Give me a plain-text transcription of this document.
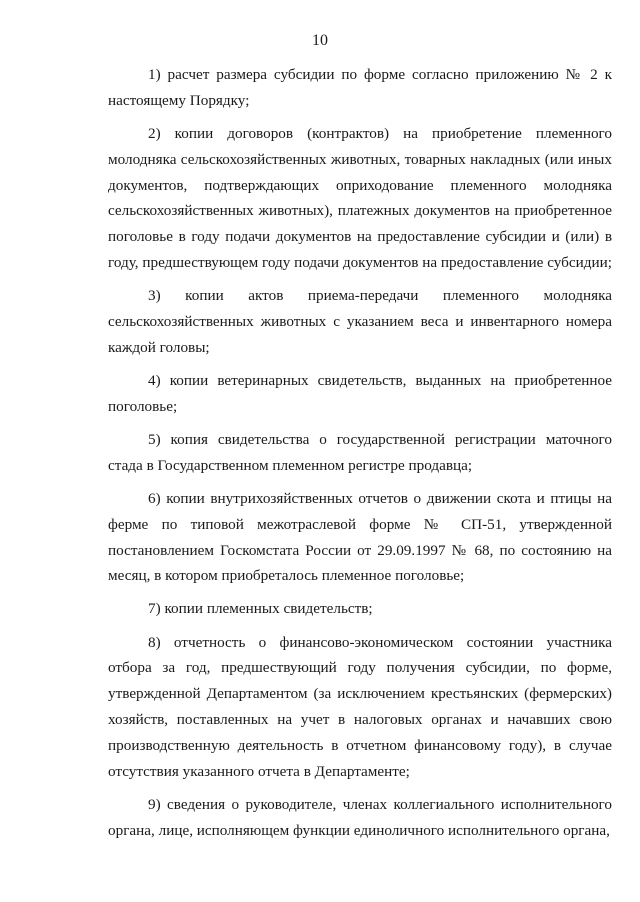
10

1) расчет размера субсидии по форме согласно приложению № 2 к настоящему Порядку;

2) копии договоров (контрактов) на приобретение племенного молодняка сельскохозяйственных животных, товарных накладных (или иных документов, подтверждающих оприходование племенного молодняка сельскохозяйственных животных), платежных документов на приобретенное поголовье в году подачи документов на предоставление субсидии и (или) в году, предшествующем году подачи документов на предоставление субсидии;

3) копии актов приема-передачи племенного молодняка сельскохозяйственных животных с указанием веса и инвентарного номера каждой головы;

4) копии ветеринарных свидетельств, выданных на приобретенное поголовье;

5) копия свидетельства о государственной регистрации маточного стада в Государственном племенном регистре продавца;

6) копии внутрихозяйственных отчетов о движении скота и птицы на ферме по типовой межотраслевой форме № СП-51, утвержденной постановлением Госкомстата России от 29.09.1997 № 68, по состоянию на месяц, в котором приобреталось племенное поголовье;

7) копии племенных свидетельств;

8) отчетность о финансово-экономическом состоянии участника отбора за год, предшествующий году получения субсидии, по форме, утвержденной Департаментом (за исключением крестьянских (фермерских) хозяйств, поставленных на учет в налоговых органах и начавших свою производственную деятельность в отчетном финансовому году), в случае отсутствия указанного отчета в Департаменте;

9) сведения о руководителе, членах коллегиального исполнительного органа, лице, исполняющем функции единоличного исполнительного органа,
